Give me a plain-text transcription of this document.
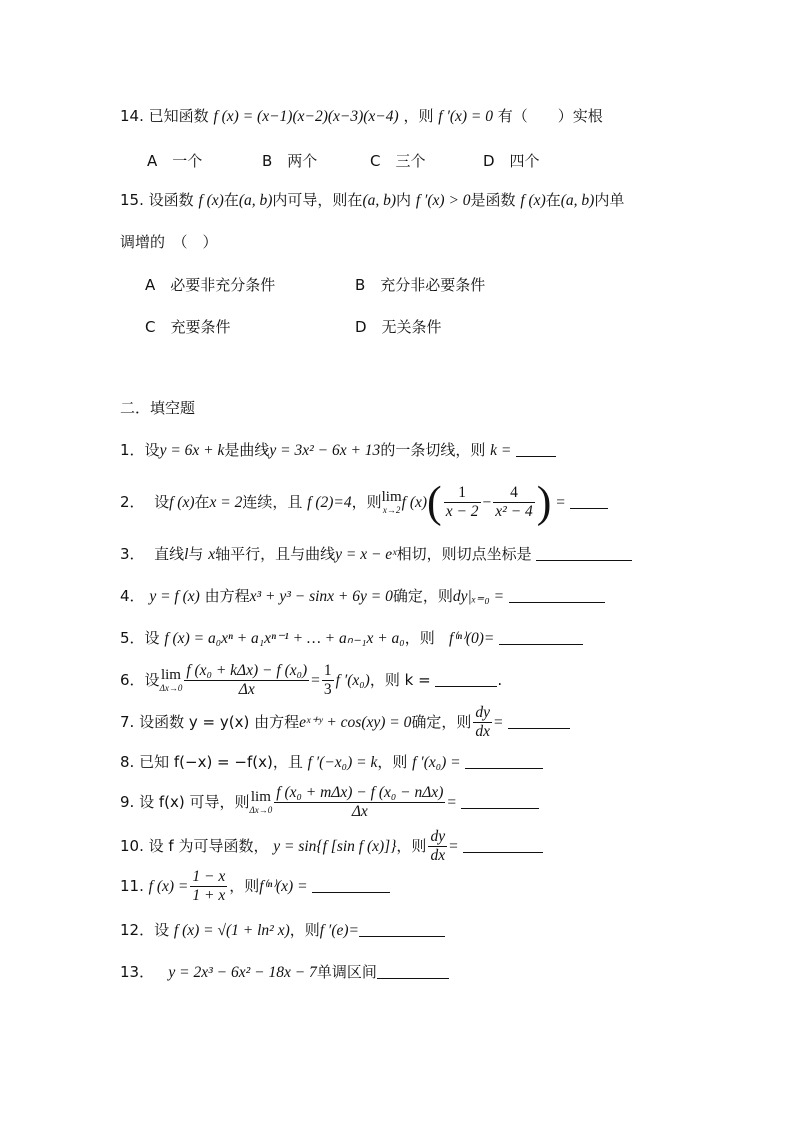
14. 已知函数 f (x) = (x−1)(x−2)(x−3)(x−4) ，则 f ′(x) = 0 有（　　）实根
A　一个	B　两个	C　三个	D　四个
15. 设函数 f (x)在(a, b)内可导，则在(a, b)内 f ′(x) > 0是函数 f (x)在(a, b)内单
调增的　（　）
A　必要非充分条件	B　充分非必要条件
C　充要条件	D　无关条件
二．填空题
1．设y = 6x + k是曲线y = 3x² − 6x + 13的一条切线，则 k =
2． 设f (x)在x = 2连续，且 f (2)=4，则 lim
x→2 f $(x)( \frac{1}{x - 2} - \frac{4}{\text{x² − 4}}$ ) =
3． 直线l与 x轴平行，且与曲线y = x − eˣ相切，则切点坐标是
4． y = f (x) 由方程x³ + y³ − sinx + 6y = 0确定，则dy|ₓ₌₀ =
5．设 f (x) = a₀xⁿ + a₁xⁿ⁻¹ + … + aₙ₋₁x + a₀，则 f⁽ⁿ⁾(0)=
6．设 lim
$\Delta x\to 0 \frac{\text{f (x₀ + kΔx) − f (x₀)}}{\Delta x} = \frac{1}{3}$ f ′(x₀)，则 k =	.
7. 设函数 y = y(x) 由方程eˣ⁺ʸ + cos(xy) = 0确定，则 $\frac{dy}{dx}$ =
8. 已知 f(−x) = −f(x)，且 f ′(−x₀) = k，则 f ′(x₀) =
9. 设 f(x) 可导，则 lim
$\Delta x\to 0 \frac{\text{f (x₀ + mΔx) − f (x₀ − nΔx)}}{\Delta x}$ =
10. 设 f 为可导函数， y = sin{f [sin f (x)]}，则 $\frac{dy}{dx}$ =
11. f $(x) = \frac{1 - x}{1 + x}$ ，则f⁽ⁿ⁾(x) =
12．设 f (x) = √(1 + ln² x)，则f ′(e)=
13． y = 2x³ − 6x² − 18x − 7单调区间
